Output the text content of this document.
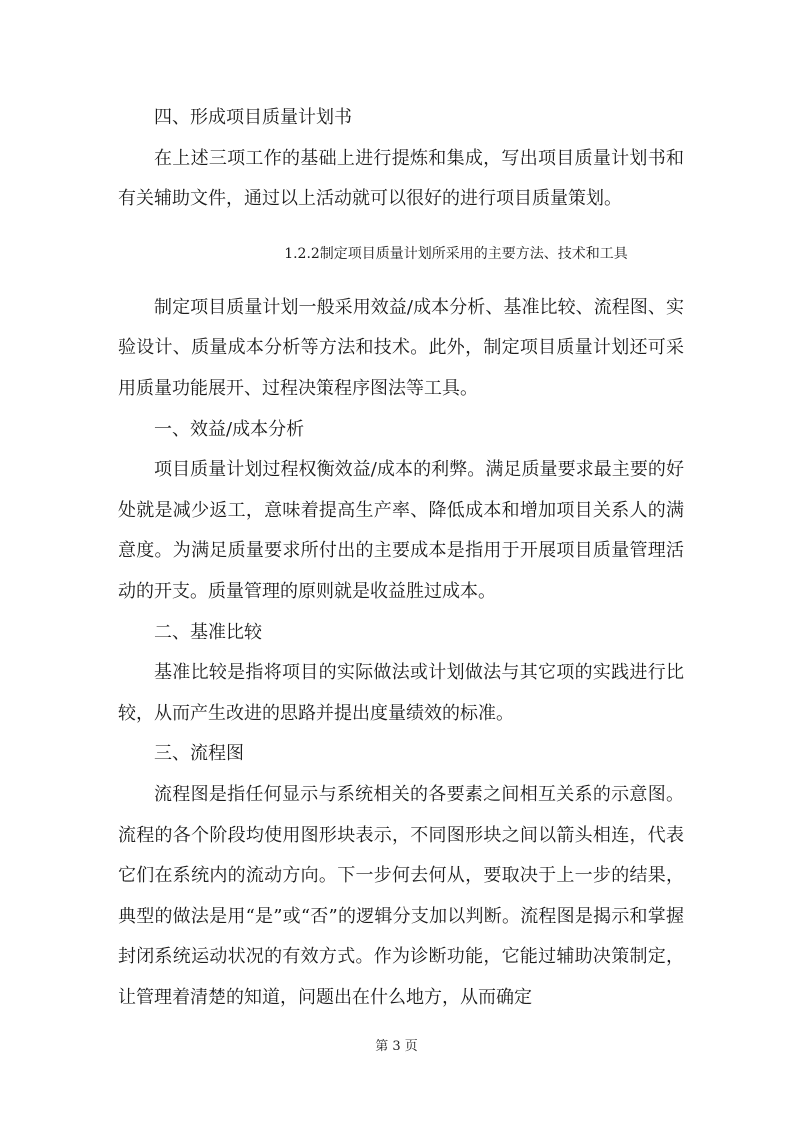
四、形成项目质量计划书

在上述三项工作的基础上进行提炼和集成，写出项目质量计划书和有关辅助文件，通过以上活动就可以很好的进行项目质量策划。

1.2.2制定项目质量计划所采用的主要方法、技术和工具

制定项目质量计划一般采用效益/成本分析、基准比较、流程图、实验设计、质量成本分析等方法和技术。此外，制定项目质量计划还可采用质量功能展开、过程决策程序图法等工具。

一、效益/成本分析

项目质量计划过程权衡效益/成本的利弊。满足质量要求最主要的好处就是减少返工，意味着提高生产率、降低成本和增加项目关系人的满意度。为满足质量要求所付出的主要成本是指用于开展项目质量管理活动的开支。质量管理的原则就是收益胜过成本。

二、基准比较

基准比较是指将项目的实际做法或计划做法与其它项的实践进行比较，从而产生改进的思路并提出度量绩效的标准。

三、流程图

流程图是指任何显示与系统相关的各要素之间相互关系的示意图。流程的各个阶段均使用图形块表示，不同图形块之间以箭头相连，代表它们在系统内的流动方向。下一步何去何从，要取决于上一步的结果，典型的做法是用“是”或“否”的逻辑分支加以判断。流程图是揭示和掌握封闭系统运动状况的有效方式。作为诊断功能，它能过辅助决策制定，让管理着清楚的知道，问题出在什么地方，从而确定

第 3 页
